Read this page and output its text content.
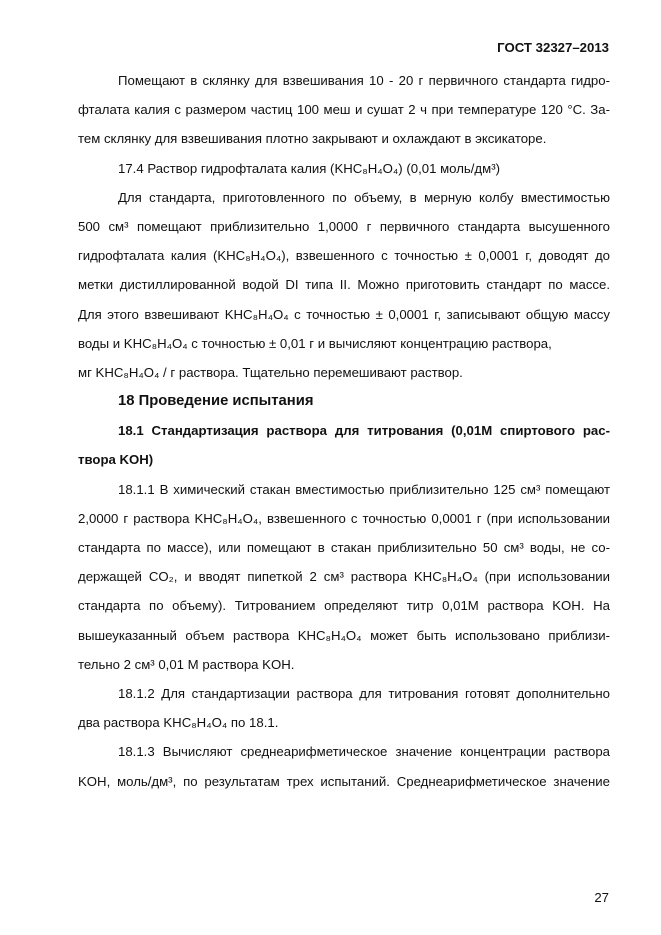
ГОСТ 32327–2013
Помещают в склянку для взвешивания 10 - 20 г первичного стандарта гидро-
фталата калия с размером частиц 100 меш и сушат 2 ч при температуре 120 °C. За-
тем склянку для взвешивания плотно закрывают и охлаждают в эксикаторе.
17.4 Раствор гидрофталата калия (KHC₈H₄O₄) (0,01 моль/дм³)
Для стандарта, приготовленного по объему, в мерную колбу вместимостью
500 см³ помещают приблизительно 1,0000 г первичного стандарта высушенного
гидрофталата калия (KHC₈H₄O₄), взвешенного с точностью ± 0,0001 г, доводят до
метки дистиллированной водой DI типа II. Можно приготовить стандарт по массе.
Для этого взвешивают KHC₈H₄O₄ с точностью ± 0,0001 г, записывают общую массу
воды и KHC₈H₄O₄ с точностью ± 0,01 г и вычисляют концентрацию раствора,
мг KHC₈H₄O₄ / г раствора. Тщательно перемешивают раствор.
18 Проведение испытания
18.1 Стандартизация раствора для титрования (0,01M спиртового рас-
твора KOH)
18.1.1 В химический стакан вместимостью приблизительно 125 см³ помещают
2,0000 г раствора KHC₈H₄O₄, взвешенного с точностью 0,0001 г (при использовании
стандарта по массе), или помещают в стакан приблизительно 50 см³ воды, не со-
держащей CO₂, и вводят пипеткой 2 см³ раствора KHC₈H₄O₄ (при использовании
стандарта по объему). Титрованием определяют титр 0,01M раствора KOH. На
вышеуказанный объем раствора KHC₈H₄O₄ может быть использовано приблизи-
тельно 2 см³ 0,01 M раствора KOH.
18.1.2 Для стандартизации раствора для титрования готовят дополнительно
два раствора KHC₈H₄O₄ по 18.1.
18.1.3 Вычисляют среднеарифметическое значение концентрации раствора
KOH, моль/дм³, по результатам трех испытаний. Среднеарифметическое значение
27
